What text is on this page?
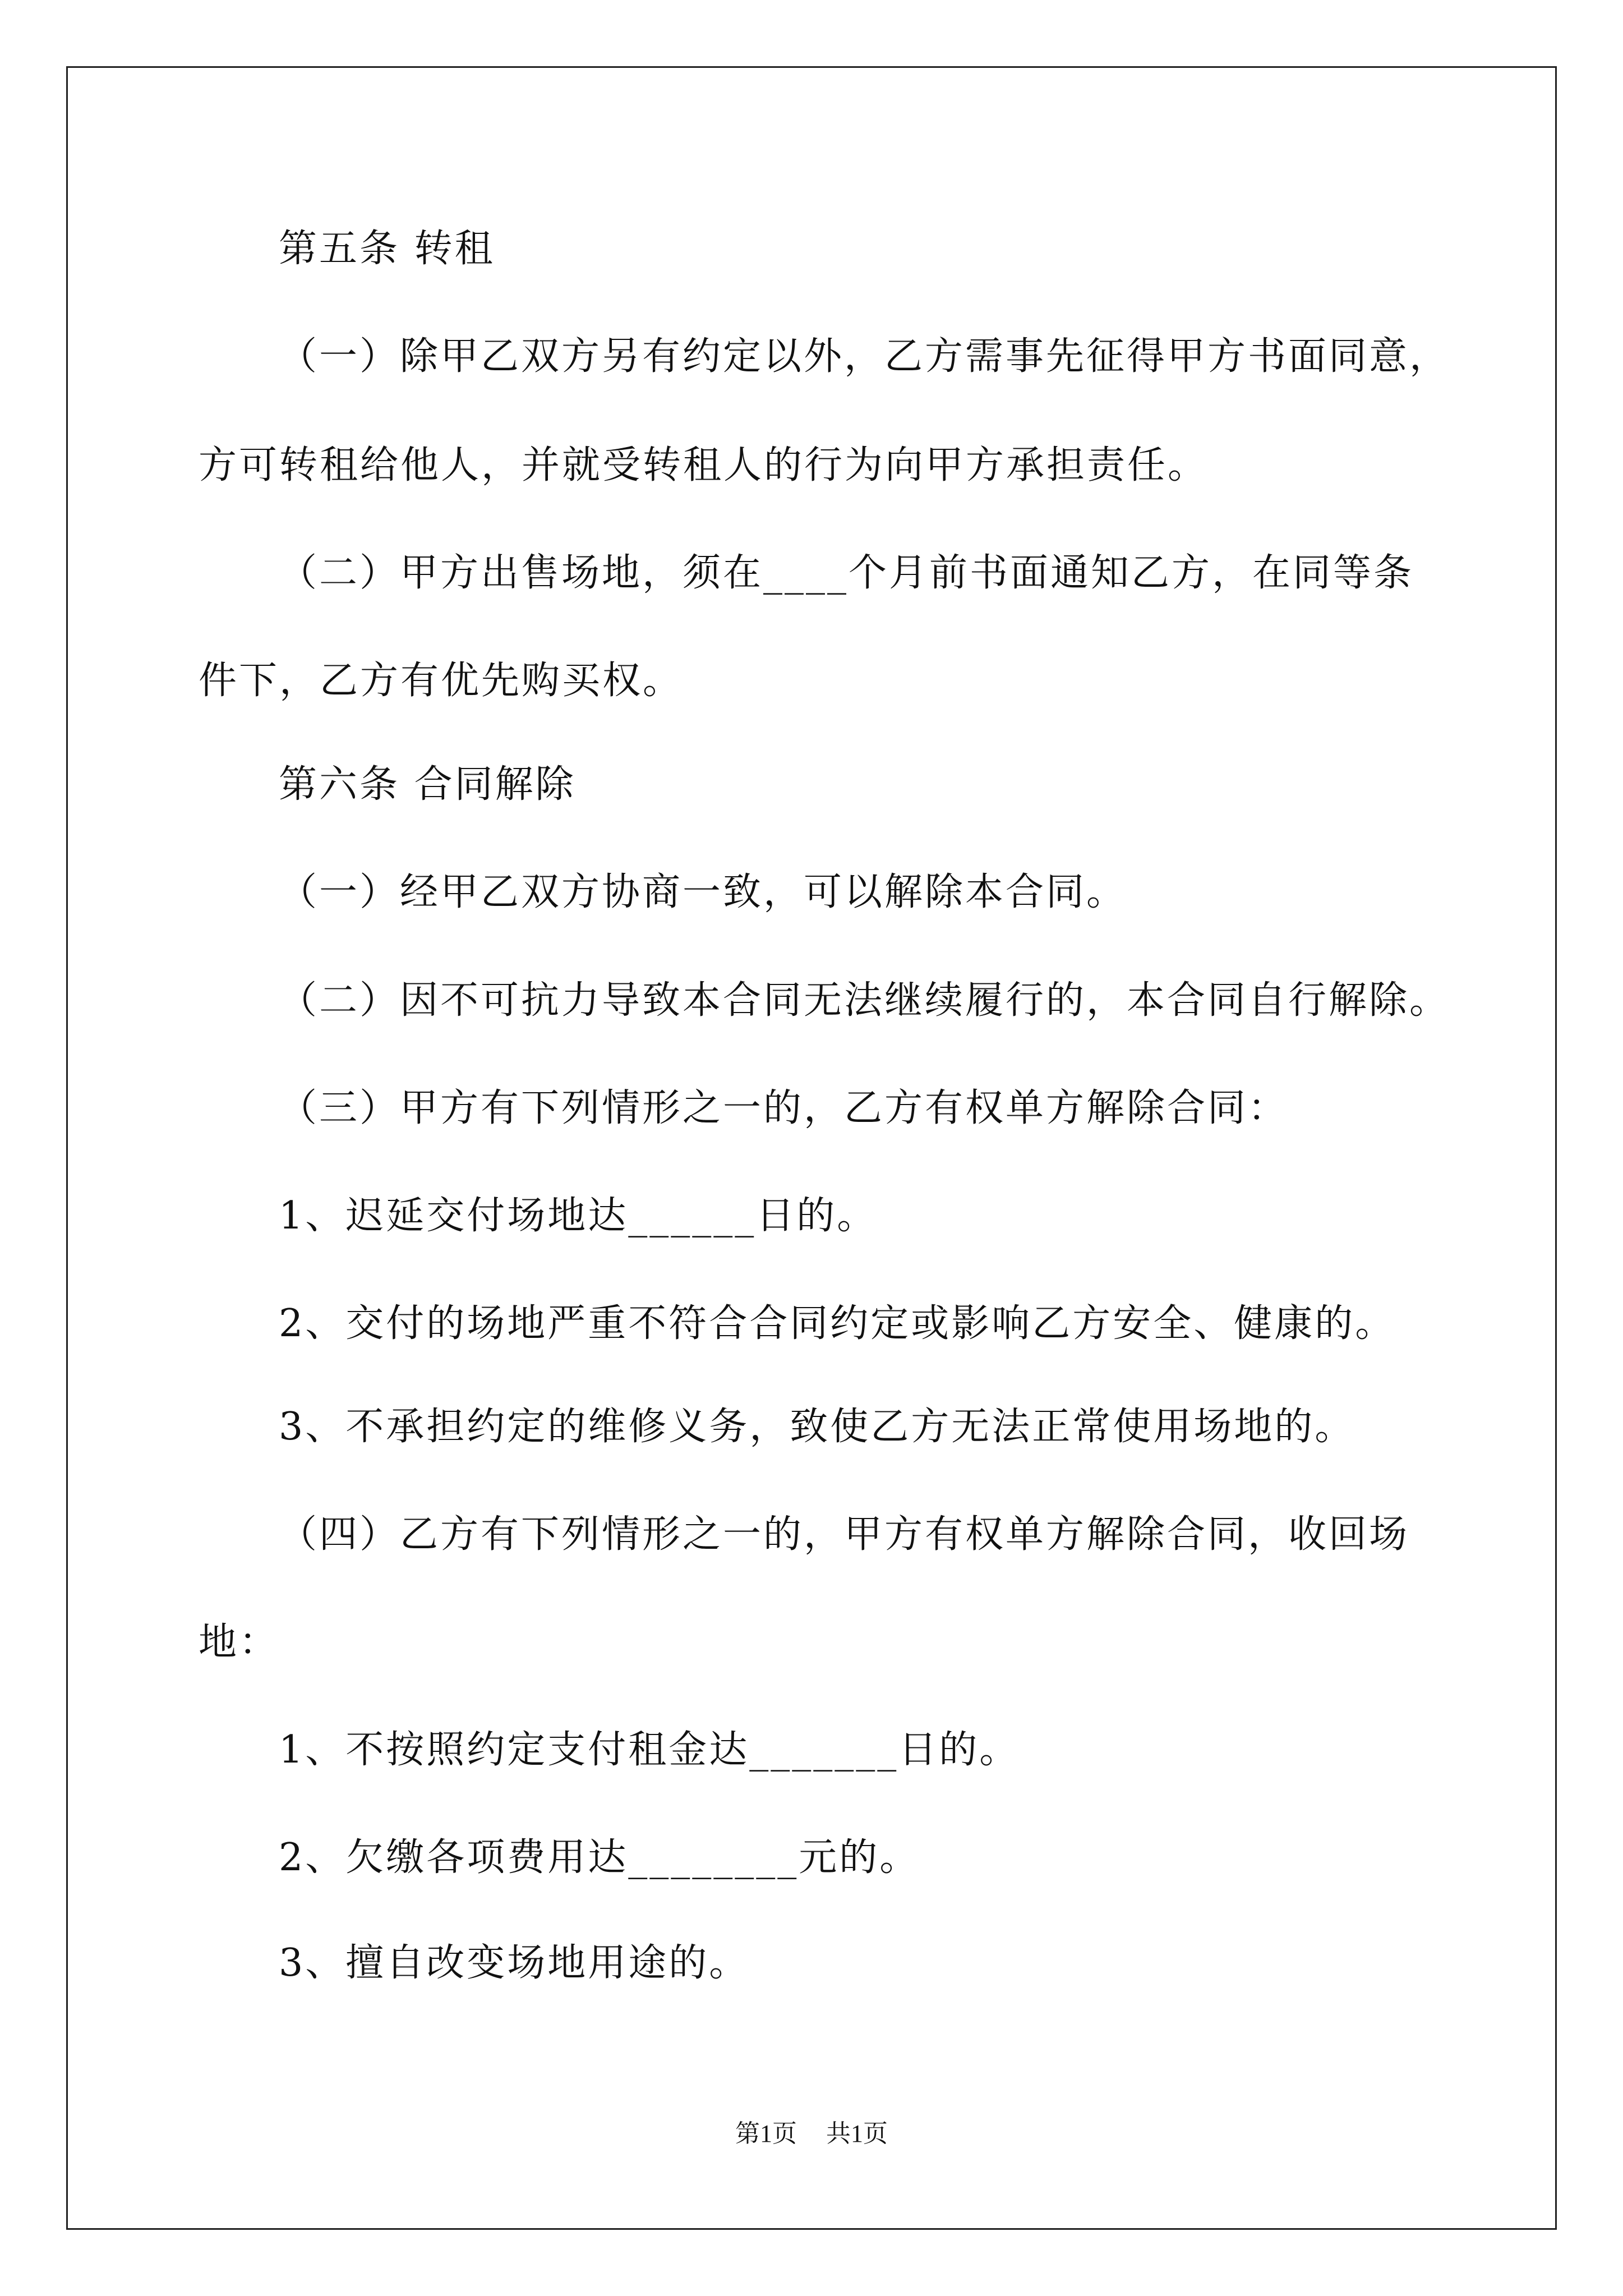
第五条 转租
（一）除甲乙双方另有约定以外，乙方需事先征得甲方书面同意，
方可转租给他人，并就受转租人的行为向甲方承担责任。
（二）甲方出售场地，须在____个月前书面通知乙方，在同等条
件下，乙方有优先购买权。
第六条 合同解除
（一）经甲乙双方协商一致，可以解除本合同。
（二）因不可抗力导致本合同无法继续履行的，本合同自行解除。
（三）甲方有下列情形之一的，乙方有权单方解除合同：
1、迟延交付场地达______日的。
2、交付的场地严重不符合合同约定或影响乙方安全、健康的。
3、不承担约定的维修义务，致使乙方无法正常使用场地的。
（四）乙方有下列情形之一的，甲方有权单方解除合同，收回场
地：
1、不按照约定支付租金达_______日的。
2、欠缴各项费用达________元的。
3、擅自改变场地用途的。
第1页 共1页
